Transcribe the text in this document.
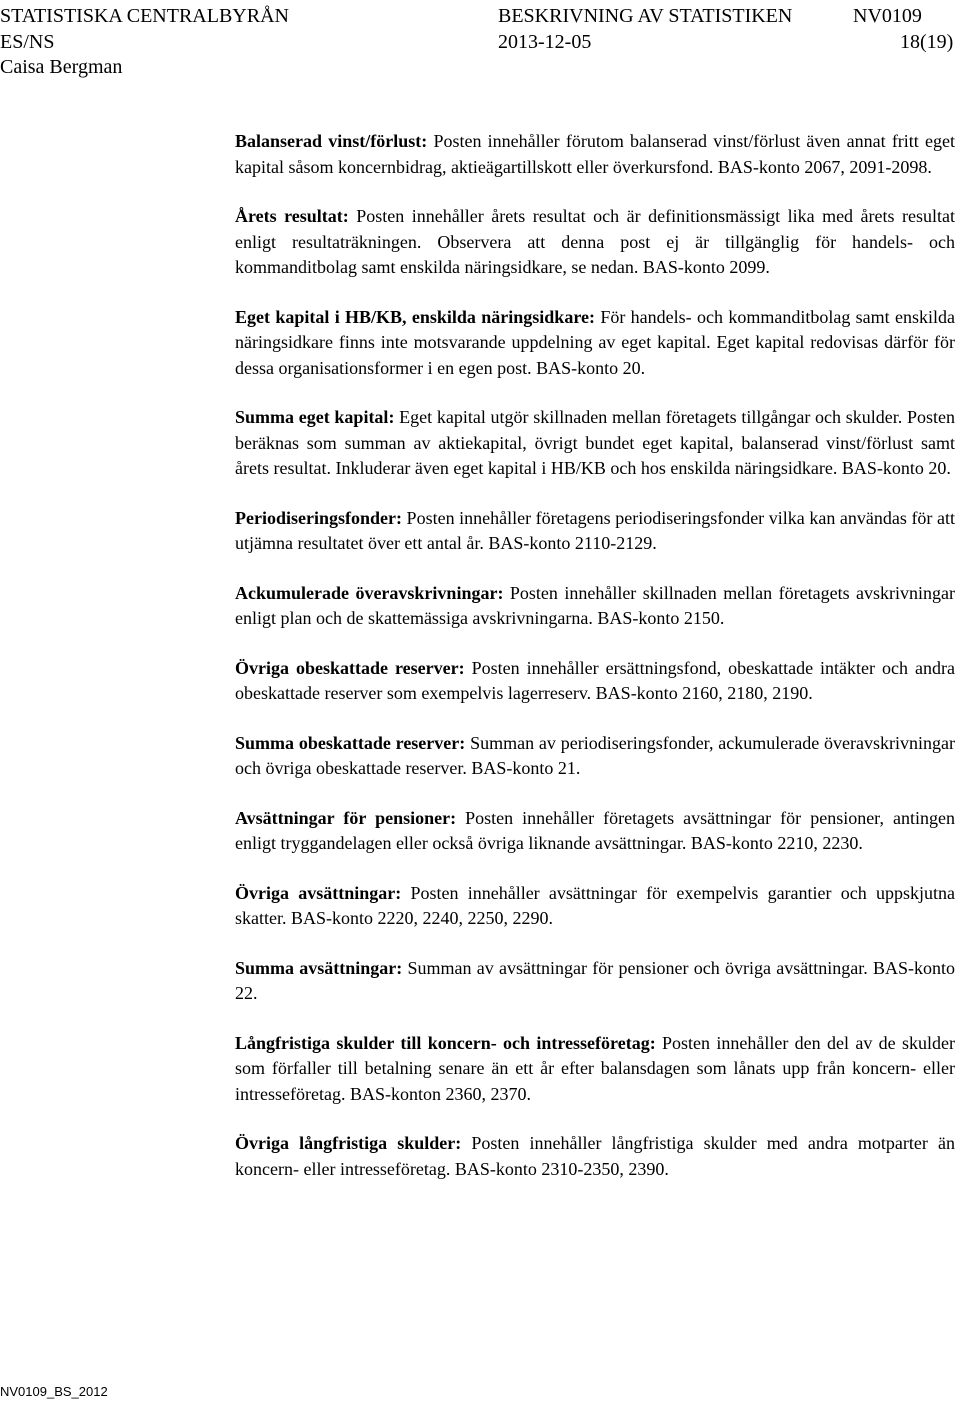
STATISTISKA CENTRALBYRÅN	BESKRIVNING AV STATISTIKEN	NV0109
ES/NS	2013-12-05	18(19)
Caisa Bergman

Balanserad vinst/förlust: Posten innehåller förutom balanserad vinst/förlust även annat fritt eget kapital såsom koncernbidrag, aktieägartillskott eller överkursfond. BAS-konto 2067, 2091-2098.

Årets resultat: Posten innehåller årets resultat och är definitionsmässigt lika med årets resultat enligt resultaträkningen. Observera att denna post ej är tillgänglig för handels- och kommanditbolag samt enskilda näringsidkare, se nedan. BAS-konto 2099.

Eget kapital i HB/KB, enskilda näringsidkare: För handels- och kommanditbolag samt enskilda näringsidkare finns inte motsvarande uppdelning av eget kapital. Eget kapital redovisas därför för dessa organisationsformer i en egen post. BAS-konto 20.

Summa eget kapital: Eget kapital utgör skillnaden mellan företagets tillgångar och skulder. Posten beräknas som summan av aktiekapital, övrigt bundet eget kapital, balanserad vinst/förlust samt årets resultat. Inkluderar även eget kapital i HB/KB och hos enskilda näringsidkare. BAS-konto 20.

Periodiseringsfonder: Posten innehåller företagens periodiseringsfonder vilka kan användas för att utjämna resultatet över ett antal år. BAS-konto 2110-2129.

Ackumulerade överavskrivningar: Posten innehåller skillnaden mellan företagets avskrivningar enligt plan och de skattemässiga avskrivningarna. BAS-konto 2150.

Övriga obeskattade reserver: Posten innehåller ersättningsfond, obeskattade intäkter och andra obeskattade reserver som exempelvis lagerreserv. BAS-konto 2160, 2180, 2190.

Summa obeskattade reserver: Summan av periodiseringsfonder, ackumulerade överavskrivningar och övriga obeskattade reserver. BAS-konto 21.

Avsättningar för pensioner: Posten innehåller företagets avsättningar för pensioner, antingen enligt tryggandelagen eller också övriga liknande avsättningar. BAS-konto 2210, 2230.

Övriga avsättningar: Posten innehåller avsättningar för exempelvis garantier och uppskjutna skatter. BAS-konto 2220, 2240, 2250, 2290.

Summa avsättningar: Summan av avsättningar för pensioner och övriga avsättningar. BAS-konto 22.

Långfristiga skulder till koncern- och intresseföretag: Posten innehåller den del av de skulder som förfaller till betalning senare än ett år efter balansdagen som lånats upp från koncern- eller intresseföretag. BAS-konton 2360, 2370.

Övriga långfristiga skulder: Posten innehåller långfristiga skulder med andra motparter än koncern- eller intresseföretag. BAS-konto 2310-2350, 2390.

NV0109_BS_2012
